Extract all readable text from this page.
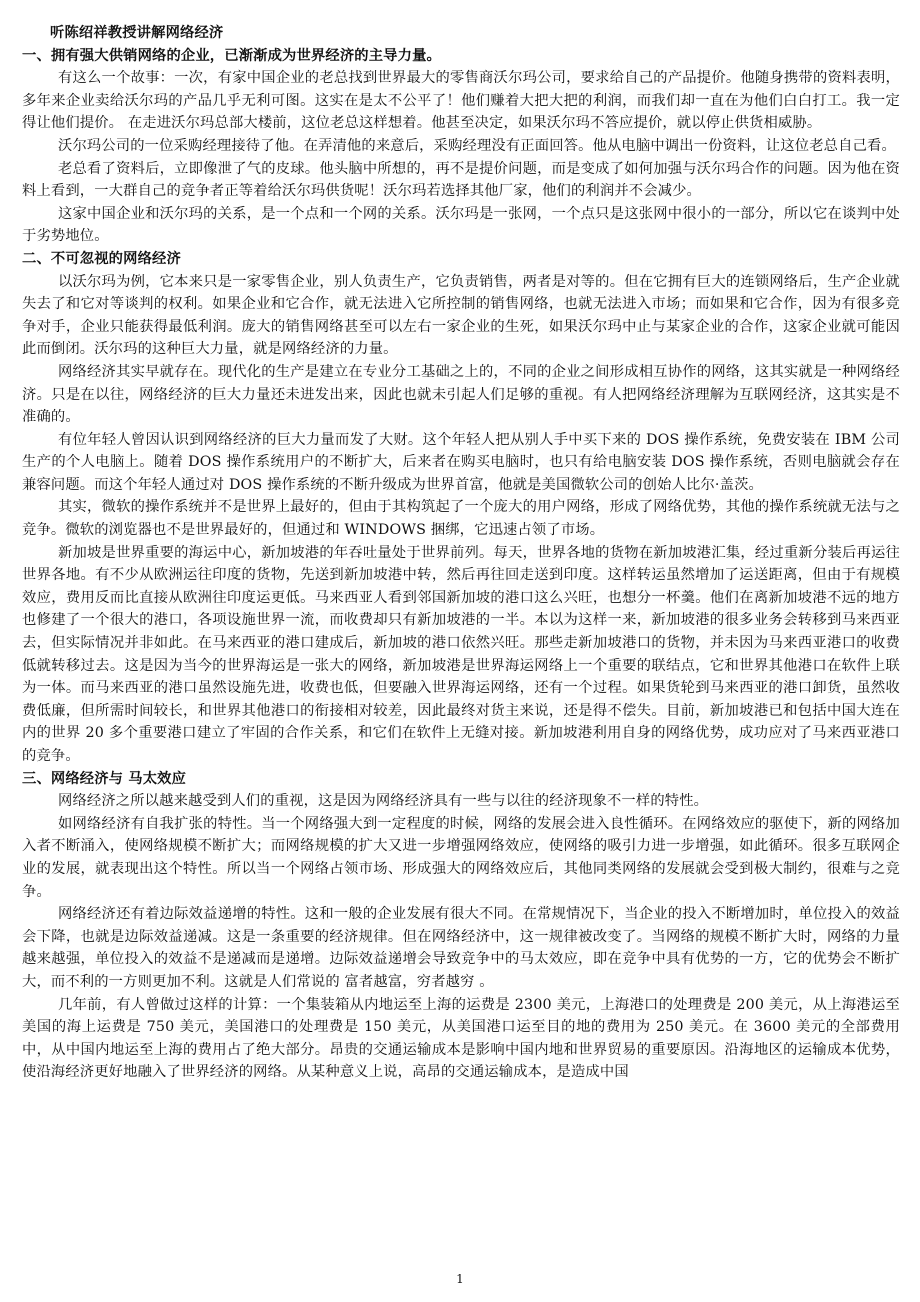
听陈绍祥教授讲解网络经济
一、拥有强大供销网络的企业，已渐渐成为世界经济的主导力量。

有这么一个故事：一次，有家中国企业的老总找到世界最大的零售商沃尔玛公司，要求给自己的产品提价。他随身携带的资料表明，多年来企业卖给沃尔玛的产品几乎无利可图。这实在是太不公平了！他们赚着大把大把的利润，而我们却一直在为他们白白打工。我一定得让他们提价。 在走进沃尔玛总部大楼前，这位老总这样想着。他甚至决定，如果沃尔玛不答应提价，就以停止供货相威胁。

沃尔玛公司的一位采购经理接待了他。在弄清他的来意后，采购经理没有正面回答。他从电脑中调出一份资料，让这位老总自己看。

老总看了资料后，立即像泄了气的皮球。他头脑中所想的，再不是提价问题，而是变成了如何加强与沃尔玛合作的问题。因为他在资料上看到，一大群自己的竞争者正等着给沃尔玛供货呢！沃尔玛若选择其他厂家，他们的利润并不会减少。

这家中国企业和沃尔玛的关系，是一个点和一个网的关系。沃尔玛是一张网，一个点只是这张网中很小的一部分，所以它在谈判中处于劣势地位。

二、不可忽视的网络经济

以沃尔玛为例，它本来只是一家零售企业，别人负责生产，它负责销售，两者是对等的。但在它拥有巨大的连锁网络后，生产企业就失去了和它对等谈判的权利。如果企业和它合作，就无法进入它所控制的销售网络，也就无法进入市场；而如果和它合作，因为有很多竞争对手，企业只能获得最低利润。庞大的销售网络甚至可以左右一家企业的生死，如果沃尔玛中止与某家企业的合作，这家企业就可能因此而倒闭。沃尔玛的这种巨大力量，就是网络经济的力量。

网络经济其实早就存在。现代化的生产是建立在专业分工基础之上的，不同的企业之间形成相互协作的网络，这其实就是一种网络经济。只是在以往，网络经济的巨大力量还未进发出来，因此也就未引起人们足够的重视。有人把网络经济理解为互联网经济，这其实是不准确的。

有位年轻人曾因认识到网络经济的巨大力量而发了大财。这个年轻人把从别人手中买下来的 DOS 操作系统，免费安装在 IBM 公司生产的个人电脑上。随着 DOS 操作系统用户的不断扩大，后来者在购买电脑时，也只有给电脑安装 DOS 操作系统，否则电脑就会存在兼容问题。而这个年轻人通过对 DOS 操作系统的不断升级成为世界首富，他就是美国微软公司的创始人比尔·盖茨。

其实，微软的操作系统并不是世界上最好的，但由于其构筑起了一个庞大的用户网络，形成了网络优势，其他的操作系统就无法与之竞争。微软的浏览器也不是世界最好的，但通过和 WINDOWS 捆绑，它迅速占领了市场。

新加坡是世界重要的海运中心，新加坡港的年吞吐量处于世界前列。每天，世界各地的货物在新加坡港汇集，经过重新分装后再运往世界各地。有不少从欧洲运往印度的货物，先送到新加坡港中转，然后再往回走送到印度。这样转运虽然增加了运送距离，但由于有规模效应，费用反而比直接从欧洲往印度运更低。马来西亚人看到邻国新加坡的港口这么兴旺，也想分一杯羹。他们在离新加坡港不远的地方也修建了一个很大的港口，各项设施世界一流，而收费却只有新加坡港的一半。本以为这样一来，新加坡港的很多业务会转移到马来西亚去，但实际情况并非如此。在马来西亚的港口建成后，新加坡的港口依然兴旺。那些走新加坡港口的货物，并未因为马来西亚港口的收费低就转移过去。这是因为当今的世界海运是一张大的网络，新加坡港是世界海运网络上一个重要的联结点，它和世界其他港口在软件上联为一体。而马来西亚的港口虽然设施先进，收费也低，但要融入世界海运网络，还有一个过程。如果货轮到马来西亚的港口卸货，虽然收费低廉，但所需时间较长，和世界其他港口的衔接相对较差，因此最终对货主来说，还是得不偿失。目前，新加坡港已和包括中国大连在内的世界 20 多个重要港口建立了牢固的合作关系，和它们在软件上无缝对接。新加坡港利用自身的网络优势，成功应对了马来西亚港口的竞争。

三、网络经济与 马太效应

网络经济之所以越来越受到人们的重视，这是因为网络经济具有一些与以往的经济现象不一样的特性。

如网络经济有自我扩张的特性。当一个网络强大到一定程度的时候，网络的发展会进入良性循环。在网络效应的驱使下，新的网络加入者不断涌入，使网络规模不断扩大；而网络规模的扩大又进一步增强网络效应，使网络的吸引力进一步增强，如此循环。很多互联网企业的发展，就表现出这个特性。所以当一个网络占领市场、形成强大的网络效应后，其他同类网络的发展就会受到极大制约，很难与之竞争。

网络经济还有着边际效益递增的特性。这和一般的企业发展有很大不同。在常规情况下，当企业的投入不断增加时，单位投入的效益会下降，也就是边际效益递减。这是一条重要的经济规律。但在网络经济中，这一规律被改变了。当网络的规模不断扩大时，网络的力量越来越强，单位投入的效益不是递减而是递增。边际效益递增会导致竞争中的马太效应，即在竞争中具有优势的一方，它的优势会不断扩大，而不利的一方则更加不利。这就是人们常说的 富者越富，穷者越穷 。

几年前，有人曾做过这样的计算：一个集装箱从内地运至上海的运费是 2300 美元，上海港口的处理费是 200 美元，从上海港运至美国的海上运费是 750 美元，美国港口的处理费是 150 美元，从美国港口运至目的地的费用为 250 美元。在 3600 美元的全部费用中，从中国内地运至上海的费用占了绝大部分。昂贵的交通运输成本是影响中国内地和世界贸易的重要原因。沿海地区的运输成本优势，使沿海经济更好地融入了世界经济的网络。从某种意义上说，高昂的交通运输成本，是造成中国

1
